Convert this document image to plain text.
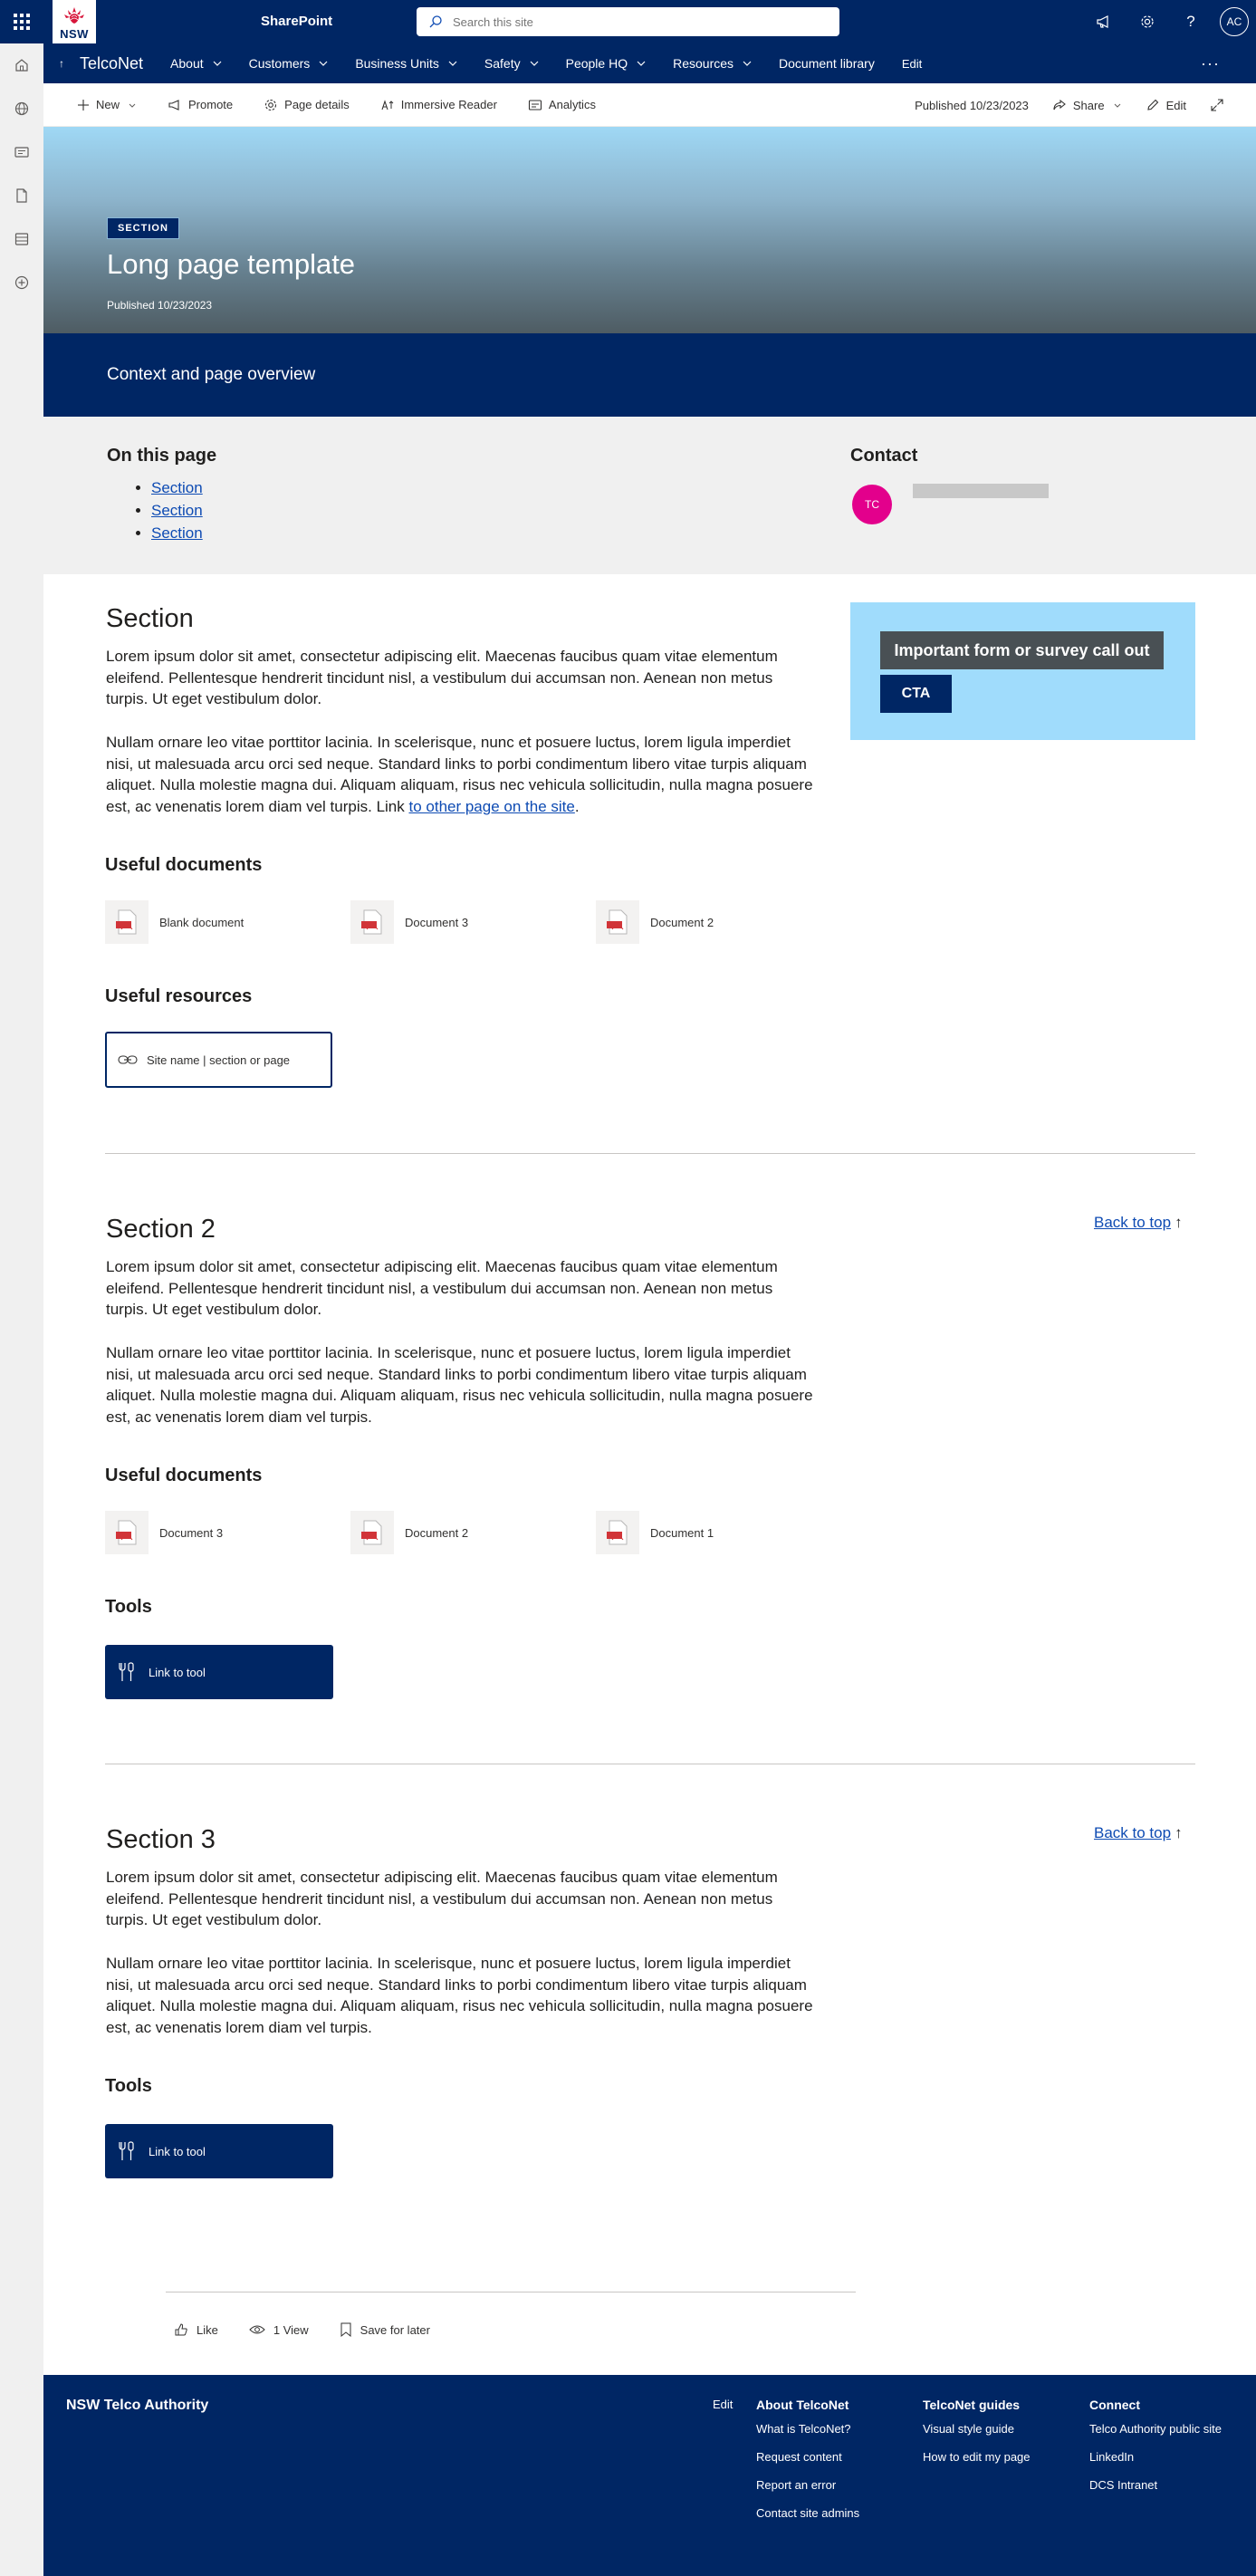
NSW
SharePoint
Search this site	?	AC
↑ TelcoNet About	Customers	Business Units	Safety	People HQ	Resources	Document library Edit	···
New	Promote	Page details	Immersive Reader	Analytics	Published 10/23/2023	Share	Edit
SECTION
Long page template
Published 10/23/2023
Context and page overview
On this page
• Section
• Section
• Section
Contact
TC
Section
Lorem ipsum dolor sit amet, consectetur adipiscing elit. Maecenas faucibus quam vitae elementum eleifend. Pellentesque hendrerit tincidunt nisl, a vestibulum dui accumsan non. Aenean non metus turpis. Ut eget vestibulum dolor.
Nullam ornare leo vitae porttitor lacinia. In scelerisque, nunc et posuere luctus, lorem ligula imperdiet nisi, ut malesuada arcu orci sed neque. Standard links to porbi condimentum libero vitae turpis aliquam aliquet. Nulla molestie magna dui. Aliquam aliquam, risus nec vehicula sollicitudin, nulla magna posuere est, ac venenatis lorem diam vel turpis. Link to other page on the site.
Important form or survey call out
CTA
Useful documents
Blank document	Document 3	Document 2
Useful resources
Site name | section or page
Section 2	Back to top ↑
Lorem ipsum dolor sit amet, consectetur adipiscing elit. Maecenas faucibus quam vitae elementum eleifend. Pellentesque hendrerit tincidunt nisl, a vestibulum dui accumsan non. Aenean non metus turpis. Ut eget vestibulum dolor.
Nullam ornare leo vitae porttitor lacinia. In scelerisque, nunc et posuere luctus, lorem ligula imperdiet nisi, ut malesuada arcu orci sed neque. Standard links to porbi condimentum libero vitae turpis aliquam aliquet. Nulla molestie magna dui. Aliquam aliquam, risus nec vehicula sollicitudin, nulla magna posuere est, ac venenatis lorem diam vel turpis.
Useful documents
Document 3	Document 2	Document 1
Tools
Link to tool
Section 3	Back to top ↑
Lorem ipsum dolor sit amet, consectetur adipiscing elit. Maecenas faucibus quam vitae elementum eleifend. Pellentesque hendrerit tincidunt nisl, a vestibulum dui accumsan non. Aenean non metus turpis. Ut eget vestibulum dolor.
Nullam ornare leo vitae porttitor lacinia. In scelerisque, nunc et posuere luctus, lorem ligula imperdiet nisi, ut malesuada arcu orci sed neque. Standard links to porbi condimentum libero vitae turpis aliquam aliquet. Nulla molestie magna dui. Aliquam aliquam, risus nec vehicula sollicitudin, nulla magna posuere est, ac venenatis lorem diam vel turpis.
Tools
Link to tool
Like	1 View	Save for later
NSW Telco Authority	Edit About TelcoNet
What is TelcoNet?
Request content
Report an error
Contact site admins
TelcoNet guides
Visual style guide
How to edit my page
Connect
Telco Authority public site
LinkedIn
DCS Intranet
